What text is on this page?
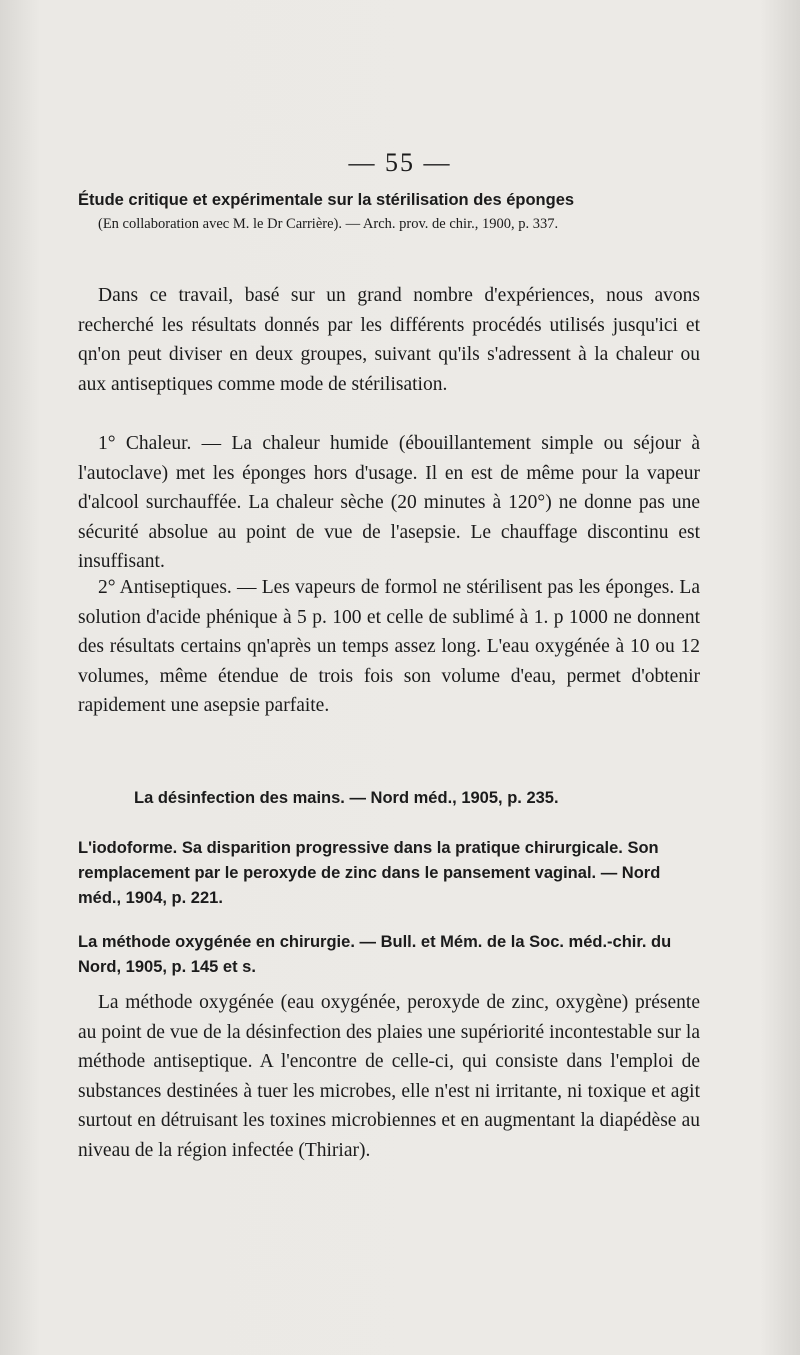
— 55 —

Étude critique et expérimentale sur la stérilisation des éponges

(En collaboration avec M. le Dr Carrière). — Arch. prov. de chir., 1900, p. 337.

Dans ce travail, basé sur un grand nombre d'expériences, nous avons recherché les résultats donnés par les différents procédés utilisés jusqu'ici et qn'on peut diviser en deux groupes, suivant qu'ils s'adressent à la chaleur ou aux antiseptiques comme mode de stérilisation.
1° Chaleur. — La chaleur humide (ébouillantement simple ou séjour à l'autoclave) met les éponges hors d'usage. Il en est de même pour la vapeur d'alcool surchauffée. La chaleur sèche (20 minutes à 120°) ne donne pas une sécurité absolue au point de vue de l'asepsie. Le chauffage discontinu est insuffisant.
2° Antiseptiques. — Les vapeurs de formol ne stérilisent pas les éponges. La solution d'acide phénique à 5 p. 100 et celle de sublimé à 1. p 1000 ne donnent des résultats certains qn'après un temps assez long. L'eau oxygénée à 10 ou 12 volumes, même étendue de trois fois son volume d'eau, permet d'obtenir rapidement une asepsie parfaite.
La désinfection des mains. — Nord méd., 1905, p. 235.
L'iodoforme. Sa disparition progressive dans la pratique chirurgicale. Son remplacement par le peroxyde de zinc dans le pansement vaginal. — Nord méd., 1904, p. 221.
La méthode oxygénée en chirurgie. — Bull. et Mém. de la Soc. méd.-chir. du Nord, 1905, p. 145 et s.
La méthode oxygénée (eau oxygénée, peroxyde de zinc, oxygène) présente au point de vue de la désinfection des plaies une supériorité incontestable sur la méthode antiseptique. A l'encontre de celle-ci, qui consiste dans l'emploi de substances destinées à tuer les microbes, elle n'est ni irritante, ni toxique et agit surtout en détruisant les toxines microbiennes et en augmentant la diapédèse au niveau de la région infectée (Thiriar).
